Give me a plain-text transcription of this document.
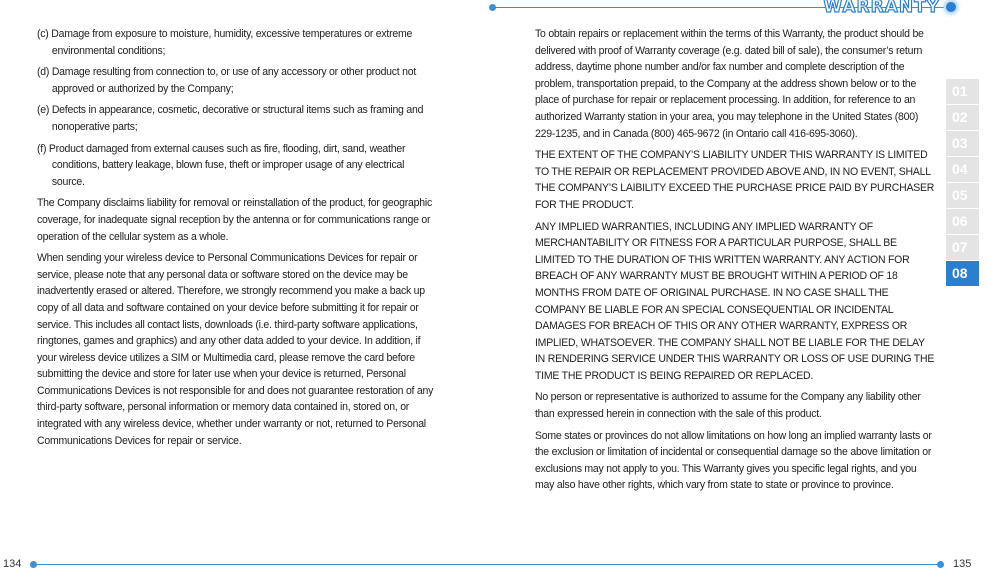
WARRANTY

(c) Damage from exposure to moisture, humidity, excessive temperatures or extreme environmental conditions;

(d) Damage resulting from connection to, or use of any accessory or other product not approved or authorized by the Company;

(e) Defects in appearance, cosmetic, decorative or structural items such as framing and nonoperative parts;

(f) Product damaged from external causes such as fire, flooding, dirt, sand, weather conditions, battery leakage, blown fuse, theft or improper usage of any electrical source.

The Company disclaims liability for removal or reinstallation of the product, for geographic coverage, for inadequate signal reception by the antenna or for communications range or operation of the cellular system as a whole.

When sending your wireless device to Personal Communications Devices for repair or service, please note that any personal data or software stored on the device may be inadvertently erased or altered. Therefore, we strongly recommend you make a back up copy of all data and software contained on your device before submitting it for repair or service. This includes all contact lists, downloads (i.e. third-party software applications, ringtones, games and graphics) and any other data added to your device. In addition, if your wireless device utilizes a SIM or Multimedia card, please remove the card before submitting the device and store for later use when your device is returned, Personal Communications Devices is not responsible for and does not guarantee restoration of any third-party software, personal information or memory data contained in, stored on, or integrated with any wireless device, whether under warranty or not, returned to Personal Communications Devices for repair or service.

To obtain repairs or replacement within the terms of this Warranty, the product should be delivered with proof of Warranty coverage (e.g. dated bill of sale), the consumer’s return address, daytime phone number and/or fax number and complete description of the problem, transportation prepaid, to the Company at the address shown below or to the place of purchase for repair or replacement processing. In addition, for reference to an authorized Warranty station in your area, you may telephone in the United States (800) 229-1235, and in Canada (800) 465-9672 (in Ontario call 416-695-3060).

THE EXTENT OF THE COMPANY’S LIABILITY UNDER THIS WARRANTY IS LIMITED TO THE REPAIR OR REPLACEMENT PROVIDED ABOVE AND, IN NO EVENT, SHALL THE COMPANY’S LAIBILITY EXCEED THE PURCHASE PRICE PAID BY PURCHASER FOR THE PRODUCT.

ANY IMPLIED WARRANTIES, INCLUDING ANY IMPLIED WARRANTY OF MERCHANTABILITY OR FITNESS FOR A PARTICULAR PURPOSE, SHALL BE LIMITED TO THE DURATION OF THIS WRITTEN WARRANTY. ANY ACTION FOR BREACH OF ANY WARRANTY MUST BE BROUGHT WITHIN A PERIOD OF 18 MONTHS FROM DATE OF ORIGINAL PURCHASE. IN NO CASE SHALL THE COMPANY BE LIABLE FOR AN SPECIAL CONSEQUENTIAL OR INCIDENTAL DAMAGES FOR BREACH OF THIS OR ANY OTHER WARRANTY, EXPRESS OR IMPLIED, WHATSOEVER. THE COMPANY SHALL NOT BE LIABLE FOR THE DELAY IN RENDERING SERVICE UNDER THIS WARRANTY OR LOSS OF USE DURING THE TIME THE PRODUCT IS BEING REPAIRED OR REPLACED.

No person or representative is authorized to assume for the Company any liability other than expressed herein in connection with the sale of this product.

Some states or provinces do not allow limitations on how long an implied warranty lasts or the exclusion or limitation of incidental or consequential damage so the above limitation or exclusions may not apply to you. This Warranty gives you specific legal rights, and you may also have other rights, which vary from state to state or province to province.

01
02
03
04
05
06
07
08
134	135
